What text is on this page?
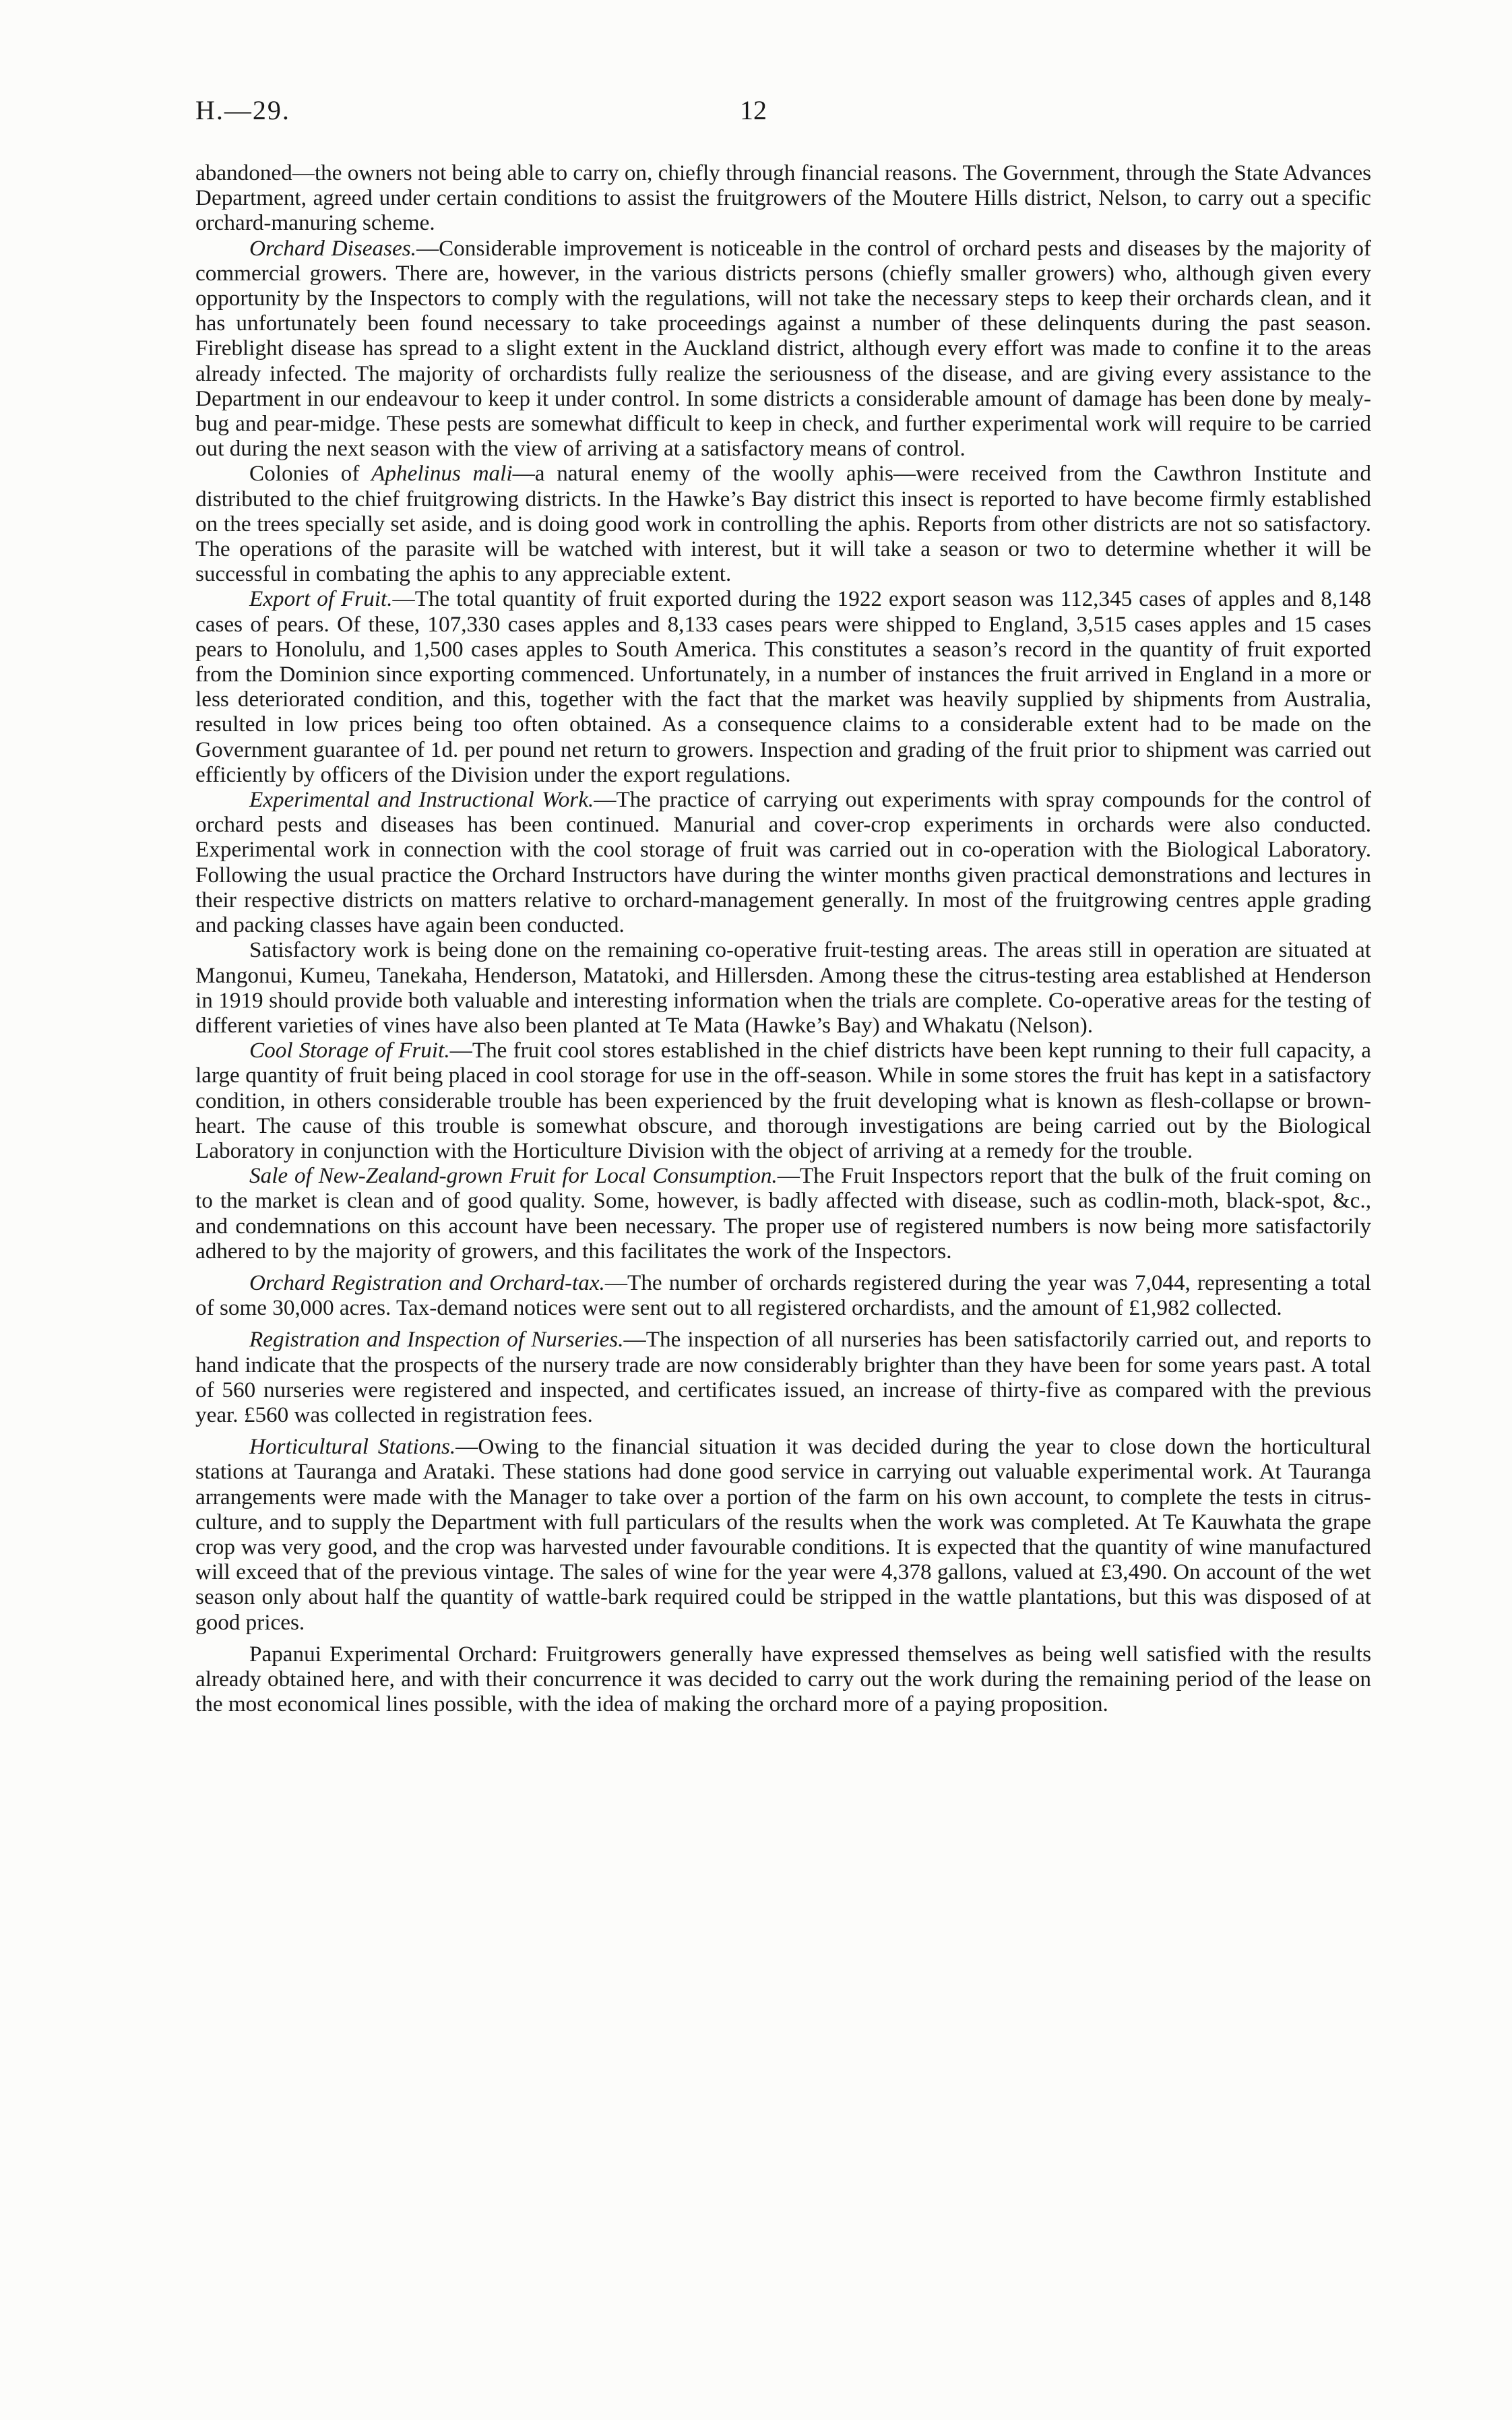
H.—29.	12

abandoned—the owners not being able to carry on, chiefly through financial reasons. The Government, through the State Advances Department, agreed under certain conditions to assist the fruitgrowers of the Moutere Hills district, Nelson, to carry out a specific orchard-manuring scheme.

Orchard Diseases.—Considerable improvement is noticeable in the control of orchard pests and diseases by the majority of commercial growers. There are, however, in the various districts persons (chiefly smaller growers) who, although given every opportunity by the Inspectors to comply with the regulations, will not take the necessary steps to keep their orchards clean, and it has unfortunately been found necessary to take proceedings against a number of these delinquents during the past season. Fireblight disease has spread to a slight extent in the Auckland district, although every effort was made to confine it to the areas already infected. The majority of orchardists fully realize the seriousness of the disease, and are giving every assistance to the Department in our endeavour to keep it under control. In some districts a considerable amount of damage has been done by mealy-bug and pear-midge. These pests are somewhat difficult to keep in check, and further experimental work will require to be carried out during the next season with the view of arriving at a satisfactory means of control.

Colonies of Aphelinus mali—a natural enemy of the woolly aphis—were received from the Cawthron Institute and distributed to the chief fruitgrowing districts. In the Hawke’s Bay district this insect is reported to have become firmly established on the trees specially set aside, and is doing good work in controlling the aphis. Reports from other districts are not so satisfactory. The operations of the parasite will be watched with interest, but it will take a season or two to determine whether it will be successful in combating the aphis to any appreciable extent.

Export of Fruit.—The total quantity of fruit exported during the 1922 export season was 112,345 cases of apples and 8,148 cases of pears. Of these, 107,330 cases apples and 8,133 cases pears were shipped to England, 3,515 cases apples and 15 cases pears to Honolulu, and 1,500 cases apples to South America. This constitutes a season’s record in the quantity of fruit exported from the Dominion since exporting commenced. Unfortunately, in a number of instances the fruit arrived in England in a more or less deteriorated condition, and this, together with the fact that the market was heavily supplied by shipments from Australia, resulted in low prices being too often obtained. As a consequence claims to a considerable extent had to be made on the Government guarantee of 1d. per pound net return to growers. Inspection and grading of the fruit prior to shipment was carried out efficiently by officers of the Division under the export regulations.

Experimental and Instructional Work.—The practice of carrying out experiments with spray compounds for the control of orchard pests and diseases has been continued. Manurial and cover-crop experiments in orchards were also conducted. Experimental work in connection with the cool storage of fruit was carried out in co-operation with the Biological Laboratory. Following the usual practice the Orchard Instructors have during the winter months given practical demonstrations and lectures in their respective districts on matters relative to orchard-management generally. In most of the fruitgrowing centres apple grading and packing classes have again been conducted.

Satisfactory work is being done on the remaining co-operative fruit-testing areas. The areas still in operation are situated at Mangonui, Kumeu, Tanekaha, Henderson, Matatoki, and Hillersden. Among these the citrus-testing area established at Henderson in 1919 should provide both valuable and interesting information when the trials are complete. Co-operative areas for the testing of different varieties of vines have also been planted at Te Mata (Hawke’s Bay) and Whakatu (Nelson).

Cool Storage of Fruit.—The fruit cool stores established in the chief districts have been kept running to their full capacity, a large quantity of fruit being placed in cool storage for use in the off-season. While in some stores the fruit has kept in a satisfactory condition, in others considerable trouble has been experienced by the fruit developing what is known as flesh-collapse or brown-heart. The cause of this trouble is somewhat obscure, and thorough investigations are being carried out by the Biological Laboratory in conjunction with the Horticulture Division with the object of arriving at a remedy for the trouble.

Sale of New-Zealand-grown Fruit for Local Consumption.—The Fruit Inspectors report that the bulk of the fruit coming on to the market is clean and of good quality. Some, however, is badly affected with disease, such as codlin-moth, black-spot, &c., and condemnations on this account have been necessary. The proper use of registered numbers is now being more satisfactorily adhered to by the majority of growers, and this facilitates the work of the Inspectors.

Orchard Registration and Orchard-tax.—The number of orchards registered during the year was 7,044, representing a total of some 30,000 acres. Tax-demand notices were sent out to all registered orchardists, and the amount of £1,982 collected.

Registration and Inspection of Nurseries.—The inspection of all nurseries has been satisfactorily carried out, and reports to hand indicate that the prospects of the nursery trade are now considerably brighter than they have been for some years past. A total of 560 nurseries were registered and inspected, and certificates issued, an increase of thirty-five as compared with the previous year. £560 was collected in registration fees.

Horticultural Stations.—Owing to the financial situation it was decided during the year to close down the horticultural stations at Tauranga and Arataki. These stations had done good service in carrying out valuable experimental work. At Tauranga arrangements were made with the Manager to take over a portion of the farm on his own account, to complete the tests in citrus-culture, and to supply the Department with full particulars of the results when the work was completed. At Te Kauwhata the grape crop was very good, and the crop was harvested under favourable conditions. It is expected that the quantity of wine manufactured will exceed that of the previous vintage. The sales of wine for the year were 4,378 gallons, valued at £3,490. On account of the wet season only about half the quantity of wattle-bark required could be stripped in the wattle plantations, but this was disposed of at good prices.

Papanui Experimental Orchard: Fruitgrowers generally have expressed themselves as being well satisfied with the results already obtained here, and with their concurrence it was decided to carry out the work during the remaining period of the lease on the most economical lines possible, with the idea of making the orchard more of a paying proposition.
